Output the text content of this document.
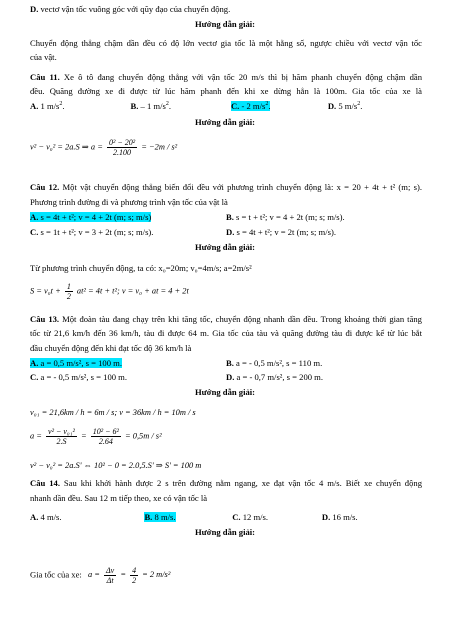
D. vectơ vận tốc vuông góc với qũy đạo của chuyển động.
Hướng dẫn giải:
Chuyển động thẳng chậm dần đều có độ lớn vectơ gia tốc là một hằng số, ngược chiều với vectơ vận tốc
của vật.
Câu 11. Xe ô tô đang chuyển động thẳng với vận tốc 20 m/s thì bị hãm phanh chuyển động chậm dần
đều. Quãng đường xe đi được từ lúc hãm phanh đến khi xe dừng hẳn là 100m. Gia tốc của xe là
A. 1 $m/s^2$.	B. – 1 $m/s^2$.	C. - 2 $m/s^2$.	D. 5 $m/s^2$.
Hướng dẫn giải:
v² − v₀² = 2a.S ⇒ $a = \frac{\text{0² − 20²}}{2.100} = -2m / s^2$
Câu 12. Một vật chuyển động thẳng biến đổi đều với phương trình chuyển động là: x = 20 + 4t + t² (m; s).
Phương trình đường đi và phương trình vận tốc của vật là
A. s = 4t + t²; v = 4 + 2t (m; s; m/s)	B. s = t + t²; v = 4 + 2t (m; s; m/s).
C. s = 1t + t²; v = 3 + 2t (m; s; m/s).	D. s = 4t + t²; v = 2t (m; s; m/s).
Hướng dẫn giải:
Từ phương trình chuyển động, ta có: x₀=20m; v₀=4m/s; a=2m/s²
$S = v_0t + \frac{1}{2} at^2 = 4t + t^2$; v = v₀ + at = 4 + 2t
Câu 13. Một đoàn tàu đang chạy trên khi tăng tốc, chuyển động nhanh dần đều. Trong khoảng thời gian tăng
tốc từ 21,6 km/h đến 36 km/h, tàu đi được 64 m. Gia tốc của tàu và quãng đường tàu đi được kể từ lúc bắt
đầu chuyển động đến khi đạt tốc độ 36 km/h là
A. a = 0,5 m/s², s = 100 m.	B. a = - 0,5 m/s², s = 110 m.
C. a = - 0,5 m/s², s = 100 m.	D. a = - 0,7 m/s², s = 200 m.
Hướng dẫn giải:
v₀₁ = 21,6km / h = 6m / s; v = 36km / h = 10m / s
$a = \frac{\text{v² − v₀₁²}}{2.S} = \frac{\text{10² − 6²}}{2.64} = 0,5m / s^2$
v² − v₀² = 2a.S' ⇔ 10² − 0 = 2.0,5.S' ⇒ S' = 100 m
Câu 14. Sau khi khởi hành được 2 s trên đường nằm ngang, xe đạt vận tốc 4 m/s. Biết xe chuyển động
nhanh dần đều. Sau 12 m tiếp theo, xe có vận tốc là
A. 4 m/s.	B. 8 m/s.	C. 12 m/s.	D. 16 m/s.
Hướng dẫn giải:
Gia tốc của xe: $a = \frac{\Delta v}{\Delta t} = \frac{4}{2} = 2$ m/s²
